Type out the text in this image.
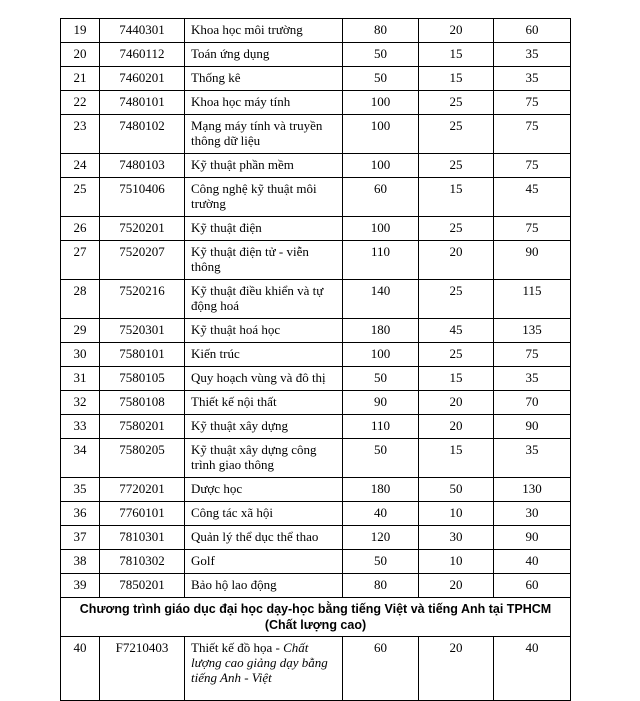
19	7440301	Khoa học môi trường	80	20	60
20	7460112	Toán ứng dụng	50	15	35
21	7460201	Thống kê	50	15	35
22	7480101	Khoa học máy tính	100	25	75
23	7480102	Mạng máy tính và truyền thông dữ liệu	100	25	75
24	7480103	Kỹ thuật phần mềm	100	25	75
25	7510406	Công nghệ kỹ thuật môi trường	60	15	45
26	7520201	Kỹ thuật điện	100	25	75
27	7520207	Kỹ thuật điện tử - viễn thông	110	20	90
28	7520216	Kỹ thuật điều khiển và tự động hoá	140	25	115
29	7520301	Kỹ thuật hoá học	180	45	135
30	7580101	Kiến trúc	100	25	75
31	7580105	Quy hoạch vùng và đô thị	50	15	35
32	7580108	Thiết kế nội thất	90	20	70
33	7580201	Kỹ thuật xây dựng	110	20	90
34	7580205	Kỹ thuật xây dựng công trình giao thông	50	15	35
35	7720201	Dược học	180	50	130
36	7760101	Công tác xã hội	40	10	30
37	7810301	Quản lý thể dục thể thao	120	30	90
38	7810302	Golf	50	10	40
39	7850201	Bảo hộ lao động	80	20	60
Chương trình giáo dục đại học dạy-học bằng tiếng Việt và tiếng Anh tại TPHCM (Chất lượng cao)					
40	F7210403	Thiết kế đồ họa - Chất lượng cao giảng dạy bằng tiếng Anh - Việt	60	20	40
